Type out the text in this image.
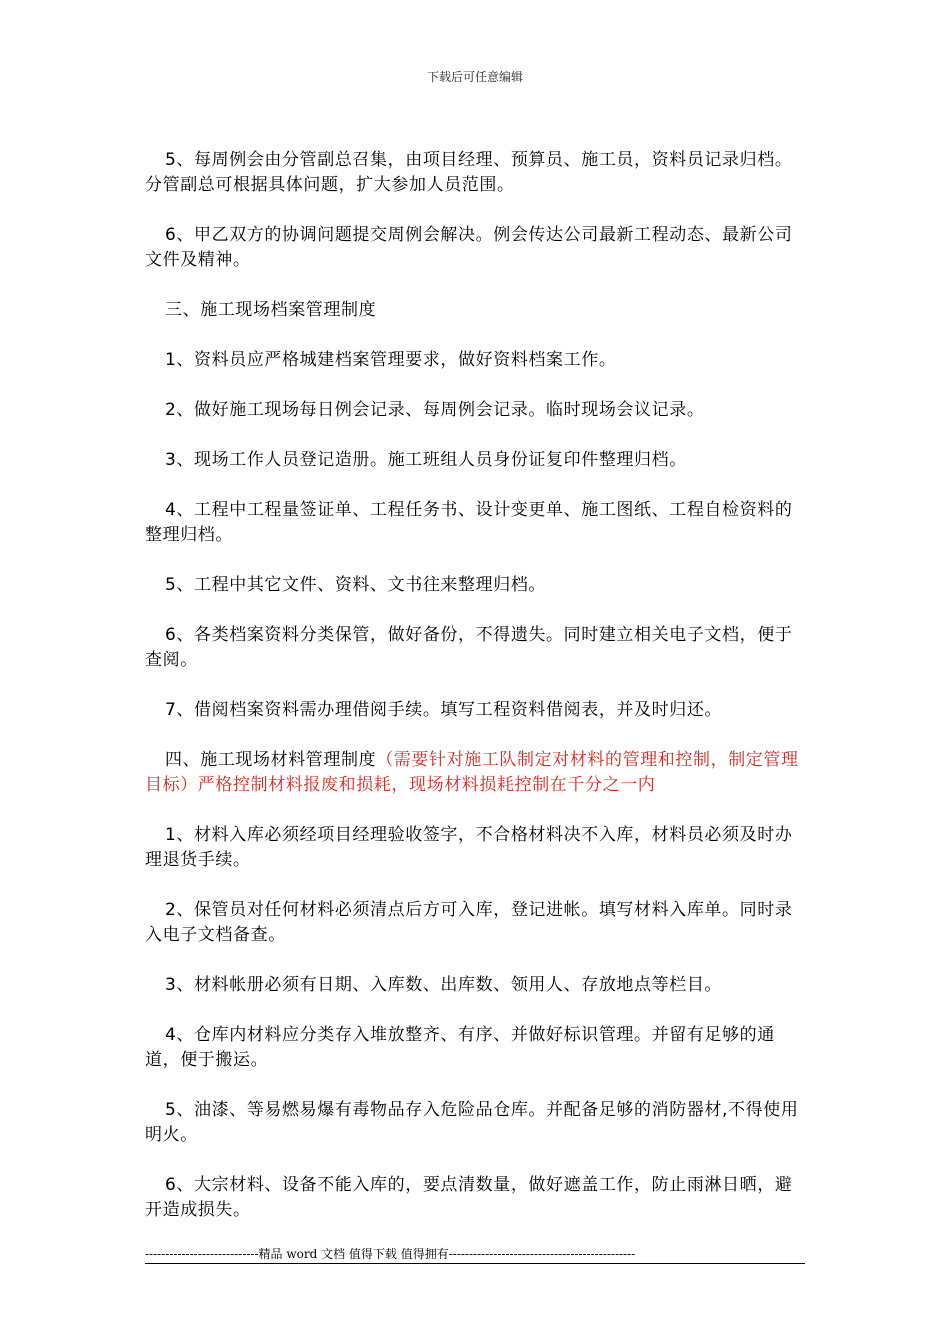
下载后可任意编辑

5、每周例会由分管副总召集，由项目经理、预算员、施工员，资料员记录归档。分管副总可根据具体问题，扩大参加人员范围。

6、甲乙双方的协调问题提交周例会解决。例会传达公司最新工程动态、最新公司文件及精神。

三、施工现场档案管理制度

1、资料员应严格城建档案管理要求，做好资料档案工作。

2、做好施工现场每日例会记录、每周例会记录。临时现场会议记录。

3、现场工作人员登记造册。施工班组人员身份证复印件整理归档。

4、工程中工程量签证单、工程任务书、设计变更单、施工图纸、工程自检资料的整理归档。

5、工程中其它文件、资料、文书往来整理归档。

6、各类档案资料分类保管，做好备份，不得遗失。同时建立相关电子文档，便于查阅。

7、借阅档案资料需办理借阅手续。填写工程资料借阅表，并及时归还。

四、施工现场材料管理制度（需要针对施工队制定对材料的管理和控制，制定管理目标）严格控制材料报废和损耗，现场材料损耗控制在千分之一内

1、材料入库必须经项目经理验收签字，不合格材料决不入库，材料员必须及时办理退货手续。

2、保管员对任何材料必须清点后方可入库，登记进帐。填写材料入库单。同时录入电子文档备查。

3、材料帐册必须有日期、入库数、出库数、领用人、存放地点等栏目。

4、仓库内材料应分类存入堆放整齐、有序、并做好标识管理。并留有足够的通道，便于搬运。

5、油漆、等易燃易爆有毒物品存入危险品仓库。并配备足够的消防器材,不得使用明火。

6、大宗材料、设备不能入库的，要点清数量，做好遮盖工作，防止雨淋日晒，避开造成损失。

----------------------------精品 word 文档 值得下载 值得拥有----------------------------------------------
